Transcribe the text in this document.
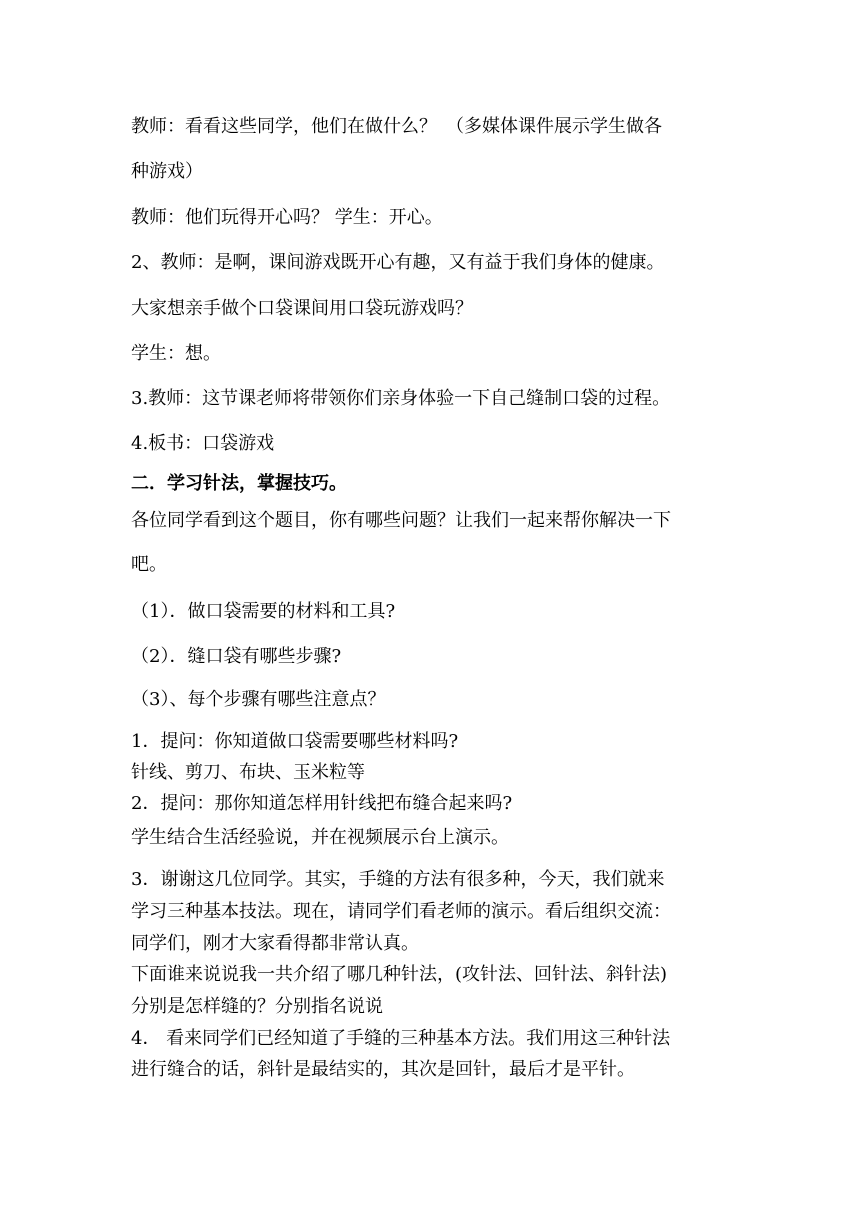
教师：看看这些同学，他们在做什么？　（多媒体课件展示学生做各
种游戏）
教师：他们玩得开心吗？ 学生：开心。
2、教师：是啊，课间游戏既开心有趣，又有益于我们身体的健康。
大家想亲手做个口袋课间用口袋玩游戏吗？
学生：想。
3.教师：这节课老师将带领你们亲身体验一下自己缝制口袋的过程。
4.板书：口袋游戏
二．学习针法，掌握技巧。
各位同学看到这个题目，你有哪些问题？让我们一起来帮你解决一下
吧。
（1）．做口袋需要的材料和工具?
（2）．缝口袋有哪些步骤?
（3）、每个步骤有哪些注意点？
1．提问：你知道做口袋需要哪些材料吗?
针线、剪刀、布块、玉米粒等
2．提问：那你知道怎样用针线把布缝合起来吗?
学生结合生活经验说，并在视频展示台上演示。
3．谢谢这几位同学。其实，手缝的方法有很多种，今天，我们就来
学习三种基本技法。现在，请同学们看老师的演示。看后组织交流：
同学们，刚才大家看得都非常认真。
下面谁来说说我一共介绍了哪几种针法，(攻针法、回针法、斜针法)
分别是怎样缝的？分别指名说说
4． 看来同学们已经知道了手缝的三种基本方法。我们用这三种针法
进行缝合的话，斜针是最结实的，其次是回针，最后才是平针。
